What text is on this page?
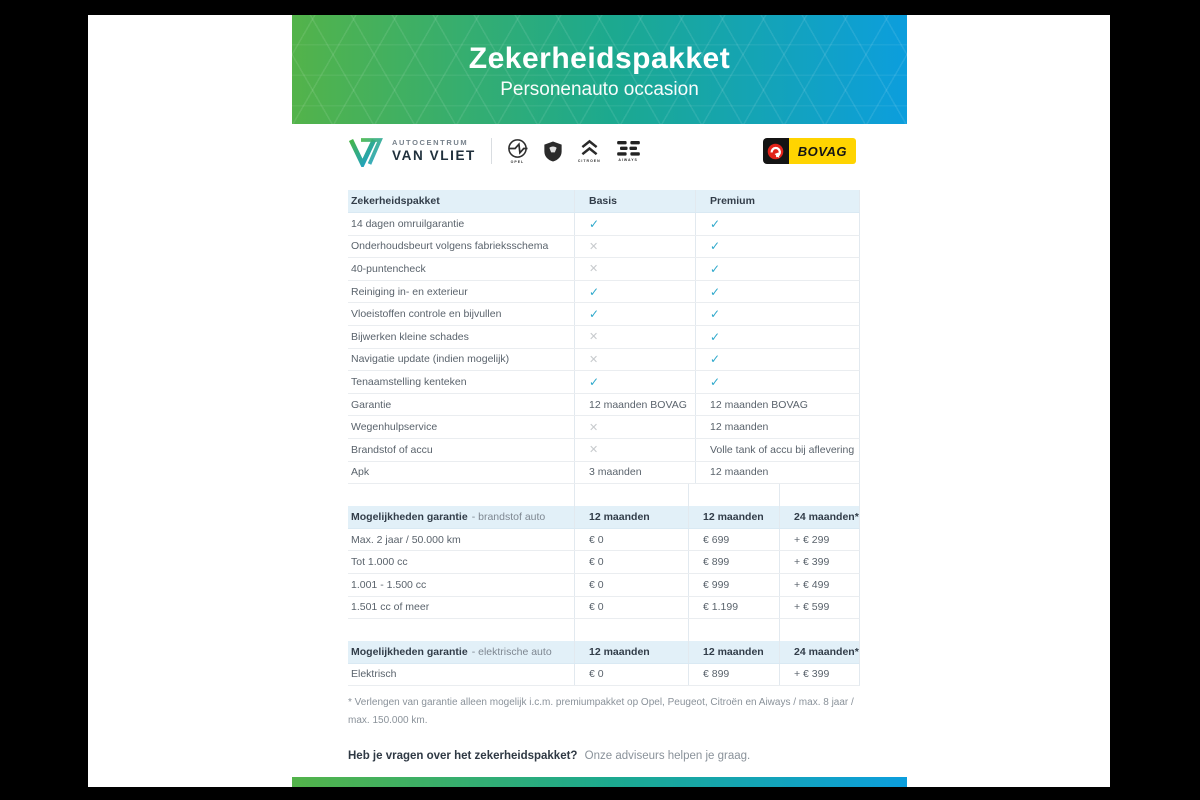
Zekerheidspakket
Personenauto occasion
AUTOCENTRUM
VAN VLIET	OPEL	CITROEN	AIWAYS
BOVAG
Zekerheidspakket	Basis	Premium
14 dagen omruilgarantie	✓	✓
Onderhoudsbeurt volgens fabrieksschema	✕	✓
40-puntencheck	✕	✓
Reiniging in- en exterieur	✓	✓
Vloeistoffen controle en bijvullen	✓	✓
Bijwerken kleine schades	✕	✓
Navigatie update (indien mogelijk)	✕	✓
Tenaamstelling kenteken	✓	✓
Garantie	12 maanden BOVAG	12 maanden BOVAG
Wegenhulpservice	✕	12 maanden
Brandstof of accu	✕	Volle tank of accu bij aflevering
Apk	3 maanden	12 maanden
Mogelijkheden garantie - brandstof auto	12 maanden	12 maanden	24 maanden*
Max. 2 jaar / 50.000 km	€ 0	€ 699	+ € 299
Tot 1.000 cc	€ 0	€ 899	+ € 399
1.001 - 1.500 cc	€ 0	€ 999	+ € 499
1.501 cc of meer	€ 0	€ 1.199	+ € 599
Mogelijkheden garantie - elektrische auto	12 maanden	12 maanden	24 maanden*
Elektrisch	€ 0	€ 899	+ € 399
* Verlengen van garantie alleen mogelijk i.c.m. premiumpakket op Opel, Peugeot, Citroën en Aiways / max. 8 jaar / max. 150.000 km.
Heb je vragen over het zekerheidspakket? Onze adviseurs helpen je graag.
